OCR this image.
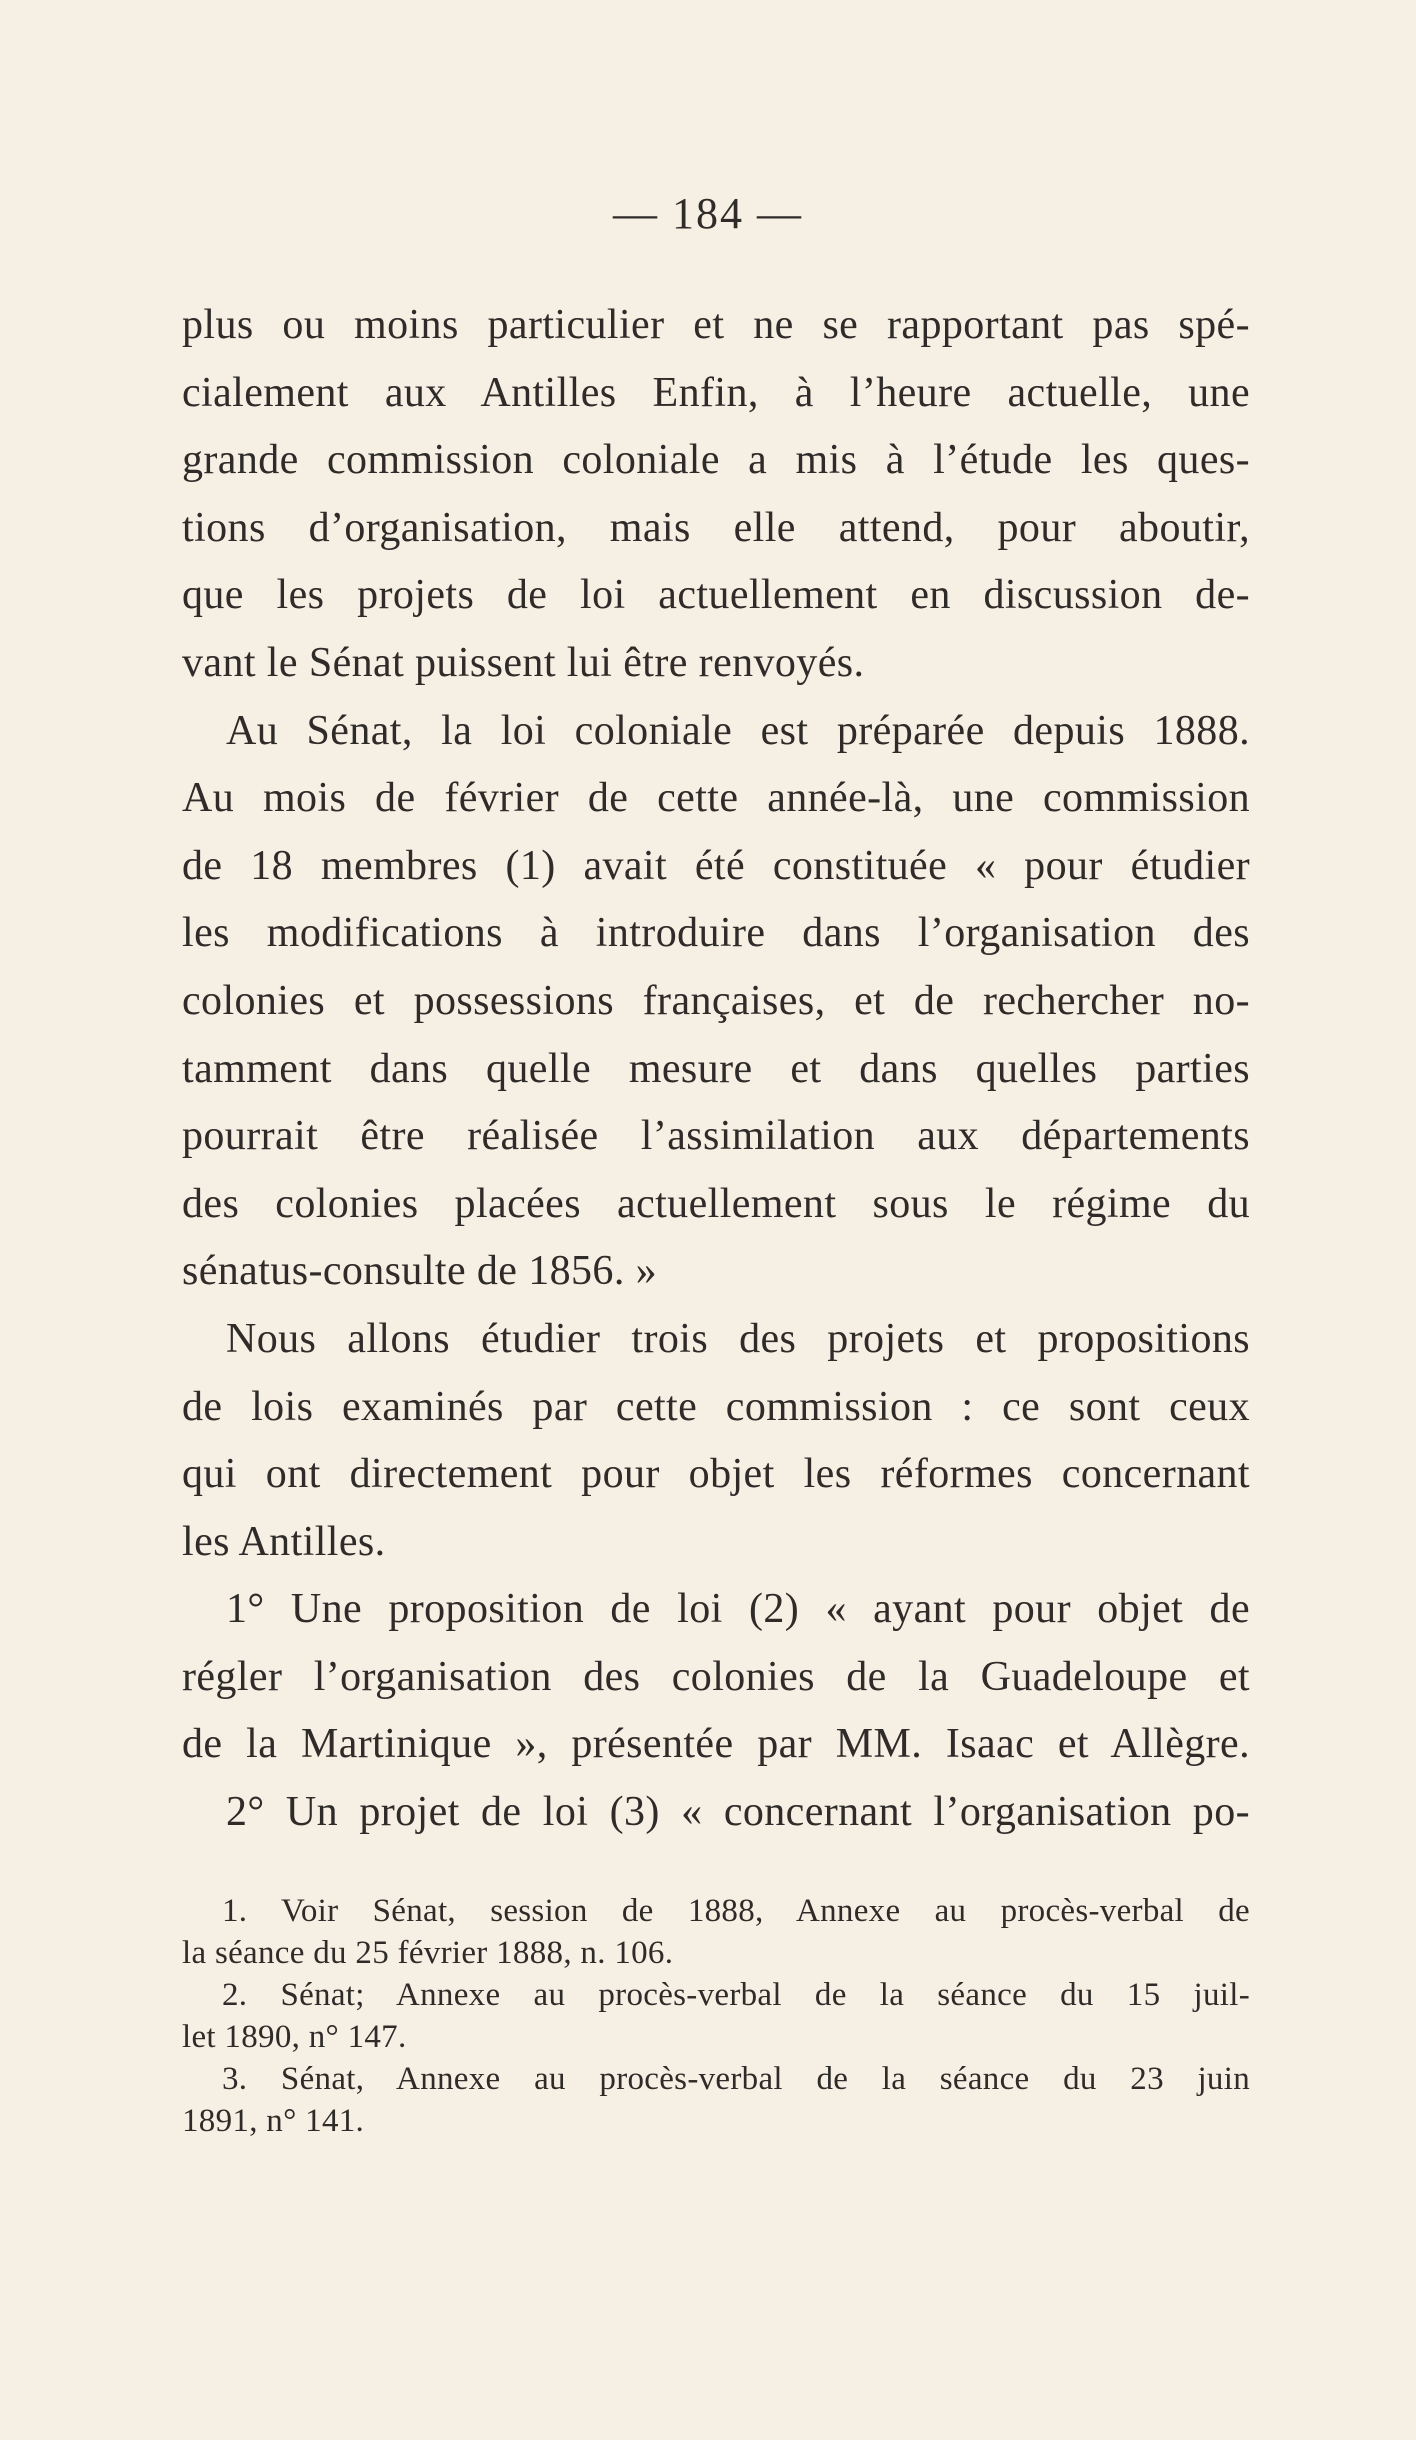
— 184 —
plus ou moins particulier et ne se rapportant pas spé-
cialement aux Antilles Enfin, à l’heure actuelle, une
grande commission coloniale a mis à l’étude les ques-
tions d’organisation, mais elle attend, pour aboutir,
que les projets de loi actuellement en discussion de-
vant le Sénat puissent lui être renvoyés.
Au Sénat, la loi coloniale est préparée depuis 1888.
Au mois de février de cette année-là, une commission
de 18 membres (1) avait été constituée « pour étudier
les modifications à introduire dans l’organisation des
colonies et possessions françaises, et de rechercher no-
tamment dans quelle mesure et dans quelles parties
pourrait être réalisée l’assimilation aux départements
des colonies placées actuellement sous le régime du
sénatus-consulte de 1856. »
Nous allons étudier trois des projets et propositions
de lois examinés par cette commission : ce sont ceux
qui ont directement pour objet les réformes concernant
les Antilles.
1° Une proposition de loi (2) « ayant pour objet de
régler l’organisation des colonies de la Guadeloupe et
de la Martinique », présentée par MM. Isaac et Allègre.
2° Un projet de loi (3) « concernant l’organisation po-
1. Voir Sénat, session de 1888, Annexe au procès-verbal de
la séance du 25 février 1888, n. 106.
2. Sénat; Annexe au procès-verbal de la séance du 15 juil-
let 1890, n° 147.
3. Sénat, Annexe au procès-verbal de la séance du 23 juin
1891, n° 141.
